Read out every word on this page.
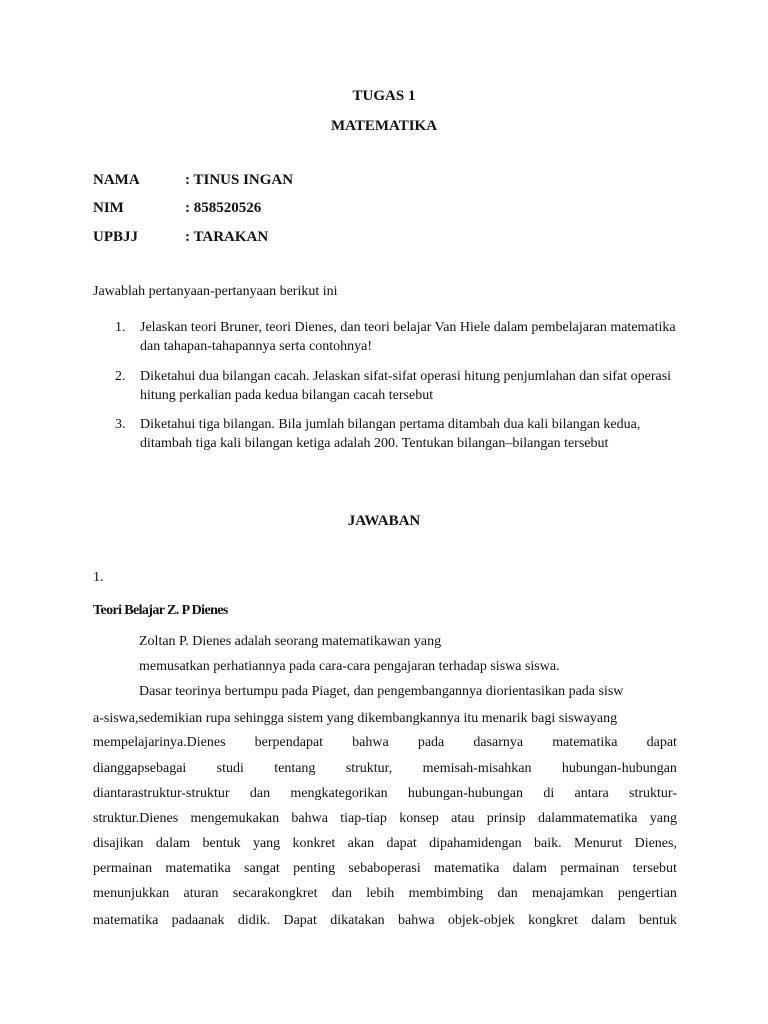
TUGAS 1
MATEMATIKA
NAMA	: TINUS INGAN
NIM	: 858520526
UPBJJ	: TARAKAN
Jawablah pertanyaan-pertanyaan berikut ini
1.	Jelaskan teori Bruner, teori Dienes, dan teori belajar Van Hiele dalam pembelajaran matematika dan tahapan-tahapannya serta contohnya!
2.	Diketahui dua bilangan cacah. Jelaskan sifat-sifat operasi hitung penjumlahan dan sifat operasi hitung perkalian pada kedua bilangan cacah tersebut
3.	Diketahui tiga bilangan. Bila jumlah bilangan pertama ditambah dua kali bilangan kedua, ditambah tiga kali bilangan ketiga adalah 200. Tentukan bilangan–bilangan tersebut
JAWABAN
1.
Teori Belajar Z. P Dienes
Zoltan P. Dienes adalah seorang matematikawan yang
memusatkan perhatiannya pada cara-cara pengajaran terhadap siswa siswa.
Dasar teorinya bertumpu pada Piaget, dan pengembangannya diorientasikan pada sisw
a-siswa,sedemikian rupa sehingga sistem yang dikembangkannya itu menarik bagi siswayang
mempelajarinya.Dienes berpendapat bahwa pada dasarnya matematika dapat
dianggapsebagai studi tentang struktur, memisah-misahkan hubungan-hubungan
diantarastruktur-struktur dan mengkategorikan hubungan-hubungan di antara struktur-
struktur.Dienes mengemukakan bahwa tiap-tiap konsep atau prinsip dalammatematika yang
disajikan dalam bentuk yang konkret akan dapat dipahamidengan baik. Menurut Dienes,
permainan matematika sangat penting sebaboperasi matematika dalam permainan tersebut
menunjukkan aturan secarakongkret dan lebih membimbing dan menajamkan pengertian
matematika padaanak didik. Dapat dikatakan bahwa objek-objek kongkret dalam bentuk
